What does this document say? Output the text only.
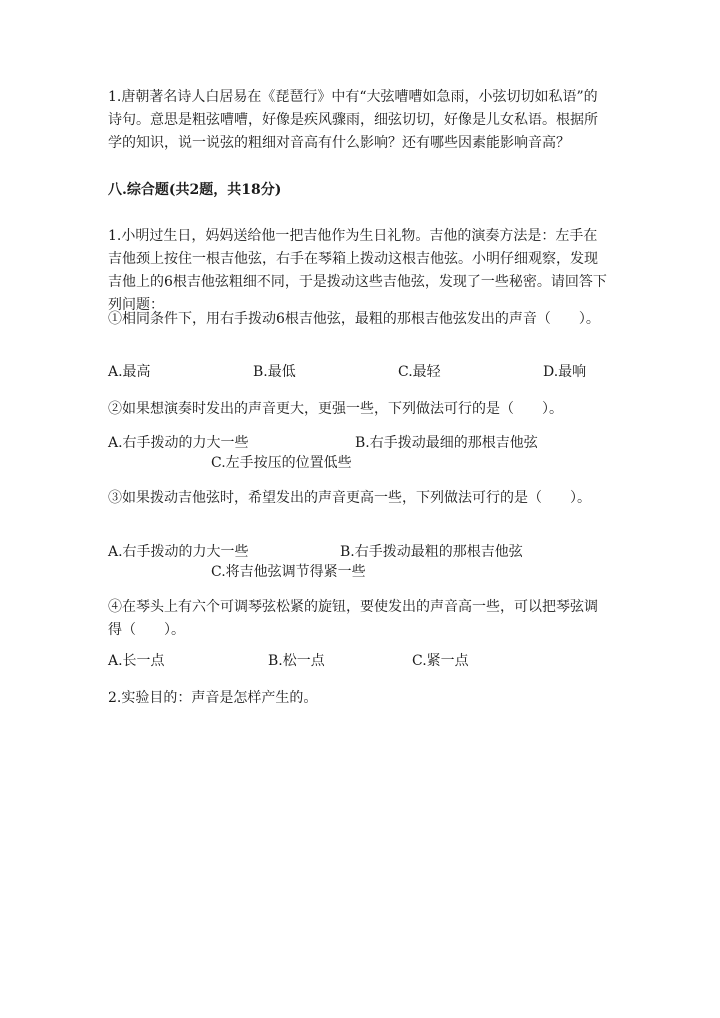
1.唐朝著名诗人白居易在《琵琶行》中有“大弦嘈嘈如急雨，小弦切切如私语”的诗句。意思是粗弦嘈嘈，好像是疾风骤雨，细弦切切，好像是儿女私语。根据所学的知识，说一说弦的粗细对音高有什么影响？还有哪些因素能影响音高？

八.综合题(共2题，共18分)

1.小明过生日，妈妈送给他一把吉他作为生日礼物。吉他的演奏方法是：左手在吉他颈上按住一根吉他弦，右手在琴箱上拨动这根吉他弦。小明仔细观察，发现吉他上的6根吉他弦粗细不同，于是拨动这些吉他弦，发现了一些秘密。请回答下列问题：

①相同条件下，用右手拨动6根吉他弦，最粗的那根吉他弦发出的声音（　　）。

A.最高	B.最低	C.最轻	D.最响

②如果想演奏时发出的声音更大，更强一些，下列做法可行的是（　　）。

A.右手拨动的力大一些	B.右手拨动最细的那根吉他弦

C.左手按压的位置低些

③如果拨动吉他弦时，希望发出的声音更高一些，下列做法可行的是（　　）。

A.右手拨动的力大一些	B.右手拨动最粗的那根吉他弦

C.将吉他弦调节得紧一些

④在琴头上有六个可调琴弦松紧的旋钮，要使发出的声音高一些，可以把琴弦调得（　　）。

A.长一点	B.松一点	C.紧一点

2.实验目的：声音是怎样产生的。
